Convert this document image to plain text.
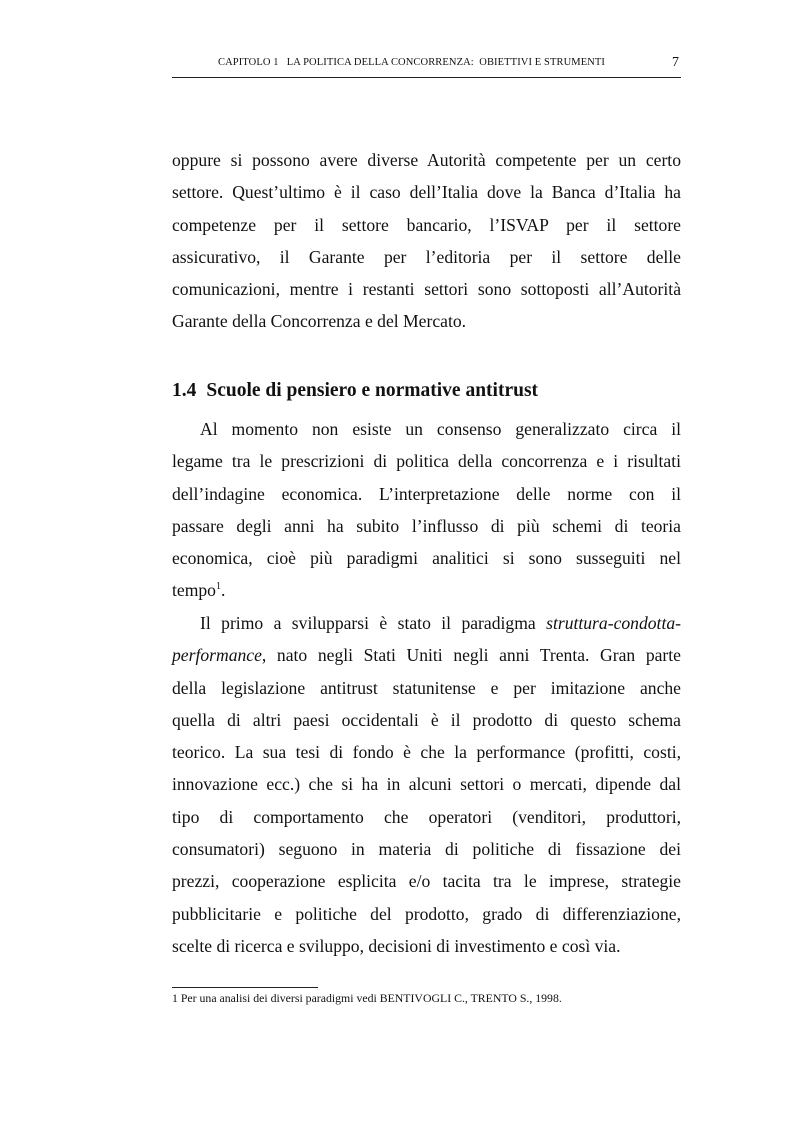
CAPITOLO 1   LA POLITICA DELLA CONCORRENZA:  OBIETTIVI E STRUMENTI	7
oppure si possono avere diverse Autorità competente per un certo
settore. Quest’ultimo è il caso dell’Italia dove la Banca d’Italia ha
competenze per il settore bancario, l’ISVAP per il settore
assicurativo, il Garante per l’editoria per il settore delle
comunicazioni, mentre i restanti settori sono sottoposti all’Autorità
Garante della Concorrenza e del Mercato.
1.4 Scuole di pensiero e normative antitrust
Al momento non esiste un consenso generalizzato circa il
legame tra le prescrizioni di politica della concorrenza e i risultati
dell’indagine economica. L’interpretazione delle norme con il
passare degli anni ha subito l’influsso di più schemi di teoria
economica, cioè più paradigmi analitici si sono susseguiti nel
tempo$^1$.
Il primo a svilupparsi è stato il paradigma struttura-condotta-
performance, nato negli Stati Uniti negli anni Trenta. Gran parte
della legislazione antitrust statunitense e per imitazione anche
quella di altri paesi occidentali è il prodotto di questo schema
teorico. La sua tesi di fondo è che la performance (profitti, costi,
innovazione ecc.) che si ha in alcuni settori o mercati, dipende dal
tipo di comportamento che operatori (venditori, produttori,
consumatori) seguono in materia di politiche di fissazione dei
prezzi, cooperazione esplicita e/o tacita tra le imprese, strategie
pubblicitarie e politiche del prodotto, grado di differenziazione,
scelte di ricerca e sviluppo, decisioni di investimento e così via.
1 Per una analisi dei diversi paradigmi vedi BENTIVOGLI C., TRENTO S., 1998.
